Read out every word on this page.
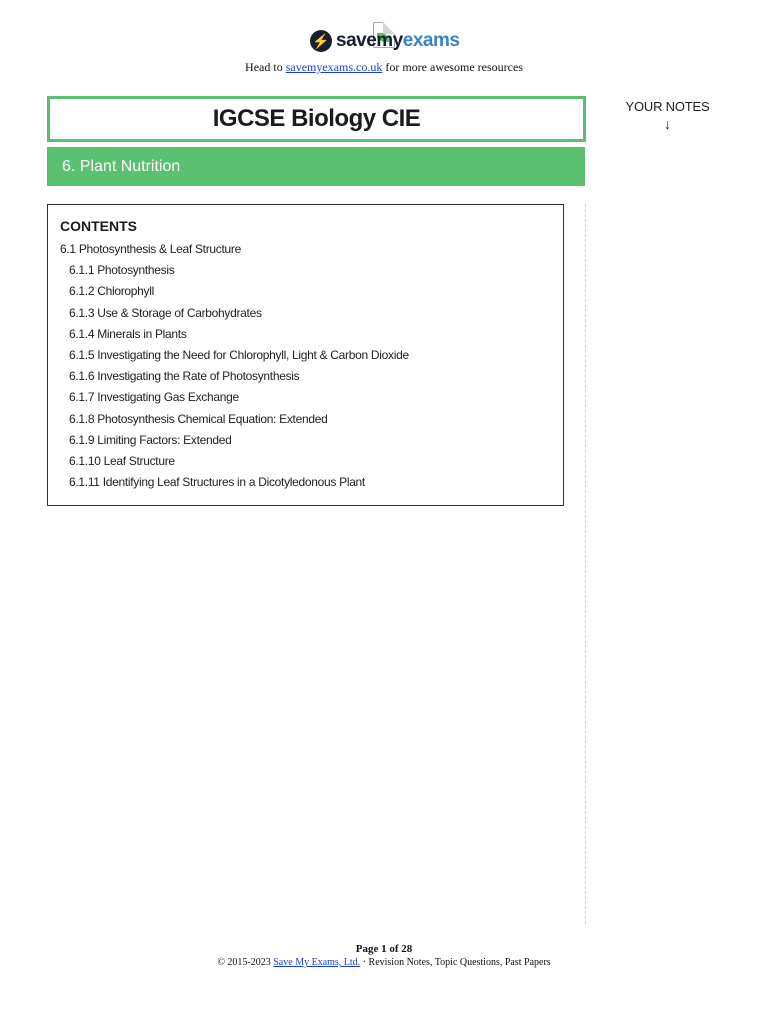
⚡ savemyexams
Head to savemyexams.co.uk for more awesome resources
IGCSE Biology CIE
6. Plant Nutrition
YOUR NOTES
↓
CONTENTS
6.1 Photosynthesis & Leaf Structure
6.1.1 Photosynthesis
6.1.2 Chlorophyll
6.1.3 Use & Storage of Carbohydrates
6.1.4 Minerals in Plants
6.1.5 Investigating the Need for Chlorophyll, Light & Carbon Dioxide
6.1.6 Investigating the Rate of Photosynthesis
6.1.7 Investigating Gas Exchange
6.1.8 Photosynthesis Chemical Equation: Extended
6.1.9 Limiting Factors: Extended
6.1.10 Leaf Structure
6.1.11 Identifying Leaf Structures in a Dicotyledonous Plant
Page 1 of 28
© 2015-2023 Save My Exams, Ltd. · Revision Notes, Topic Questions, Past Papers
